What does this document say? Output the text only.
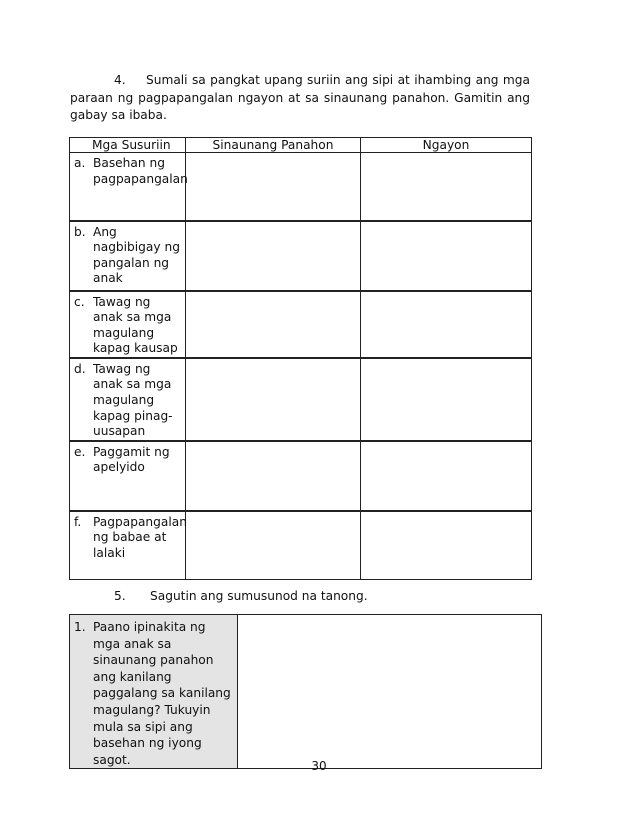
4. Sumali sa pangkat upang suriin ang sipi at ihambing ang mga paraan ng pagpapangalan ngayon at sa sinaunang panahon. Gamitin ang gabay sa ibaba.
Mga Susuriin	Sinaunang Panahon	Ngayon

a. Basehan ng pagpapangalan		

b. Ang nagbibigay ng pangalan ng anak		

c. Tawag ng anak sa mga magulang kapag kausap		

d. Tawag ng anak sa mga magulang kapag pinag-uusapan		

e. Paggamit ng apelyido		

f. Pagpapangalan ng babae at lalaki		

5. Sagutin ang sumusunod na tanong.
1. Paano ipinakita ng mga anak sa sinaunang panahon ang kanilang paggalang sa kanilang magulang? Tukuyin mula sa sipi ang basehan ng iyong sagot.
		30
